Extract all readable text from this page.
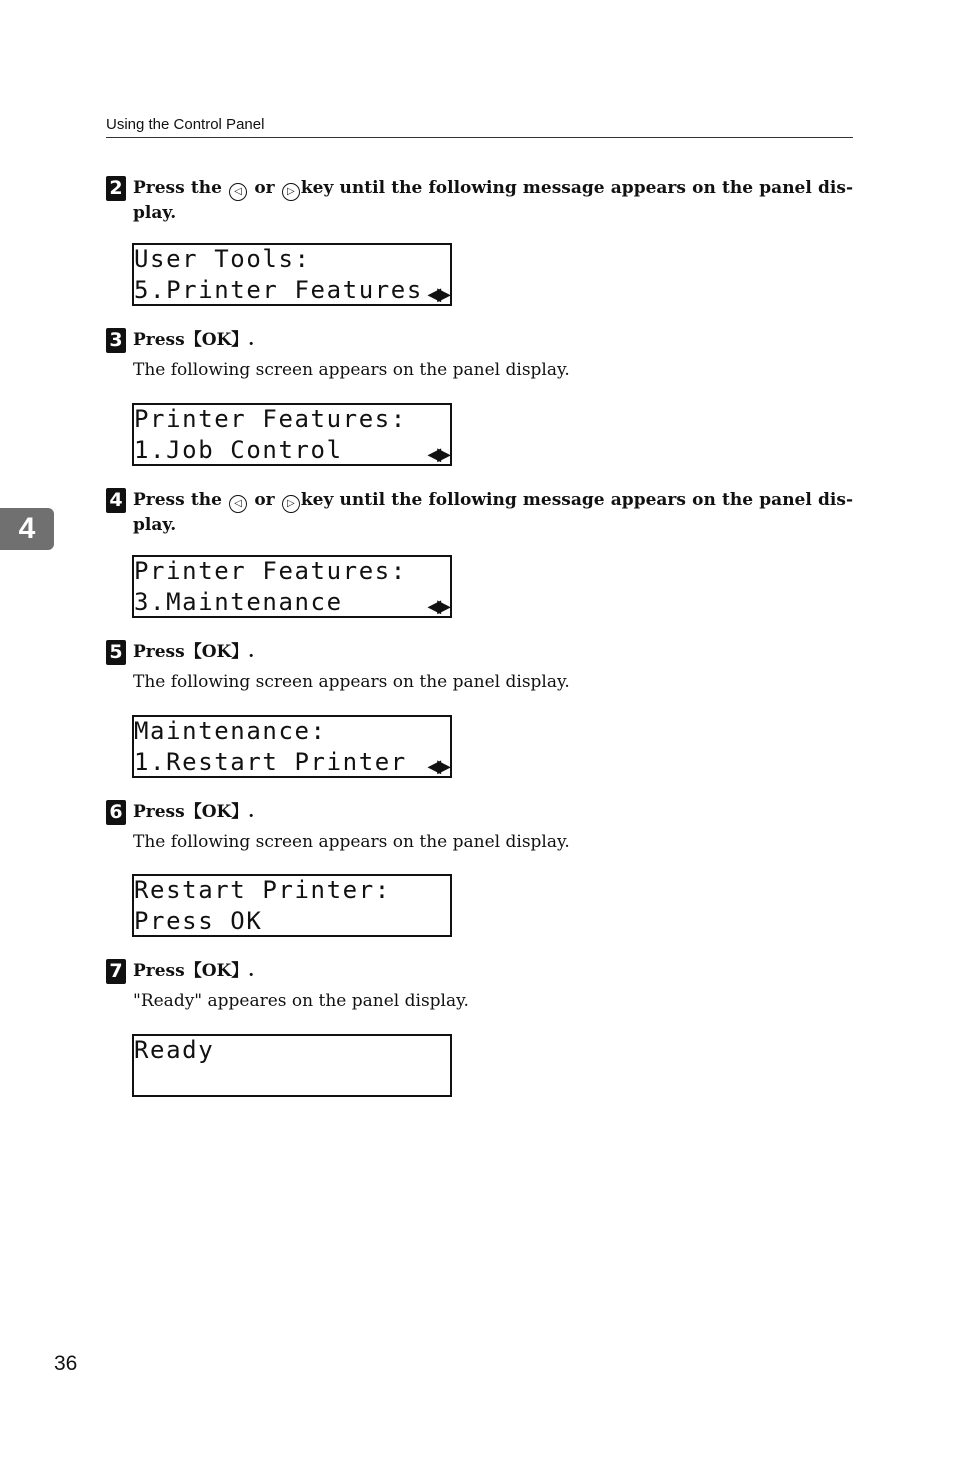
Using the Control Panel
4
2 Press the ◁ or ▷ key until the following message appears on the panel dis-play.
User Tools:
5.Printer Features ◀▶
3 Press【OK】.
The following screen appears on the panel display.
Printer Features:
1.Job Control	◀▶
4 Press the ◁ or ▷ key until the following message appears on the panel dis-play.
Printer Features:
3.Maintenance	◀▶
5 Press【OK】.
The following screen appears on the panel display.
Maintenance:
1.Restart Printer ◀▶
6 Press【OK】.
The following screen appears on the panel display.
Restart Printer:
Press OK
7 Press【OK】.
"Ready" appeares on the panel display.
Ready
36
